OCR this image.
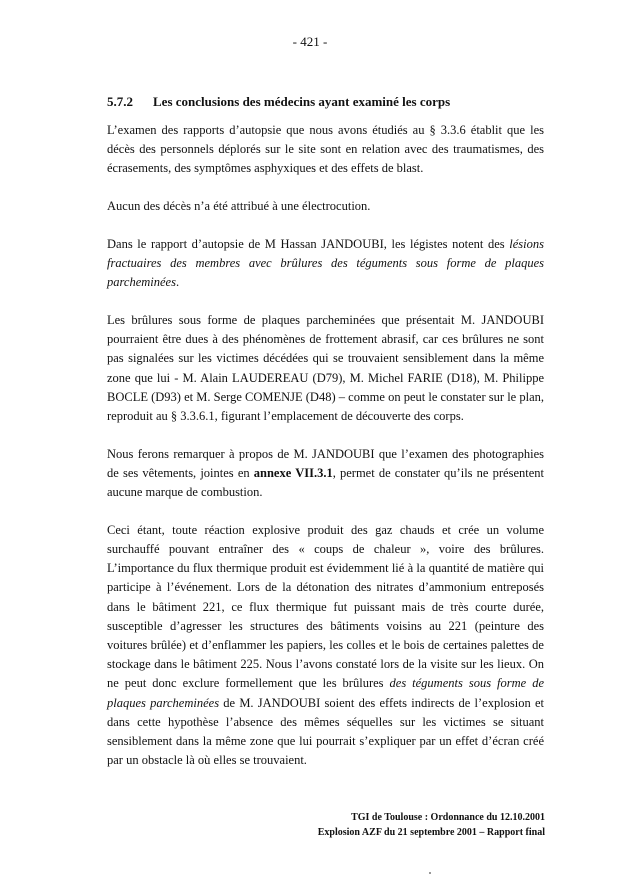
- 421 -
5.7.2 Les conclusions des médecins ayant examiné les corps

L’examen des rapports d’autopsie que nous avons étudiés au § 3.3.6 établit que les décès des personnels déplorés sur le site sont en relation avec des traumatismes, des écrasements, des symptômes asphyxiques et des effets de blast.

Aucun des décès n’a été attribué à une électrocution.

Dans le rapport d’autopsie de M Hassan JANDOUBI, les légistes notent des lésions fractuaires des membres avec brûlures des téguments sous forme de plaques parcheminées.

Les brûlures sous forme de plaques parcheminées que présentait M. JANDOUBI pourraient être dues à des phénomènes de frottement abrasif, car ces brûlures ne sont pas signalées sur les victimes décédées qui se trouvaient sensiblement dans la même zone que lui - M. Alain LAUDEREAU (D79), M. Michel FARIE (D18), M. Philippe BOCLE (D93) et M. Serge COMENJE (D48) – comme on peut le constater sur le plan, reproduit au § 3.3.6.1, figurant l’emplacement de découverte des corps.

Nous ferons remarquer à propos de M. JANDOUBI que l’examen des photographies de ses vêtements, jointes en annexe VII.3.1, permet de constater qu’ils ne présentent aucune marque de combustion.

Ceci étant, toute réaction explosive produit des gaz chauds et crée un volume surchauffé pouvant entraîner des « coups de chaleur », voire des brûlures. L’importance du flux thermique produit est évidemment lié à la quantité de matière qui participe à l’événement. Lors de la détonation des nitrates d’ammonium entreposés dans le bâtiment 221, ce flux thermique fut puissant mais de très courte durée, susceptible d’agresser les structures des bâtiments voisins au 221 (peinture des voitures brûlée) et d’enflammer les papiers, les colles et le bois de certaines palettes de stockage dans le bâtiment 225. Nous l’avons constaté lors de la visite sur les lieux. On ne peut donc exclure formellement que les brûlures des téguments sous forme de plaques parcheminées de M. JANDOUBI soient des effets indirects de l’explosion et dans cette hypothèse l’absence des mêmes séquelles sur les victimes se situant sensiblement dans la même zone que lui pourrait s’expliquer par un effet d’écran créé par un obstacle là où elles se trouvaient.

TGI de Toulouse : Ordonnance du 12.10.2001
Explosion AZF du 21 septembre 2001 – Rapport final
